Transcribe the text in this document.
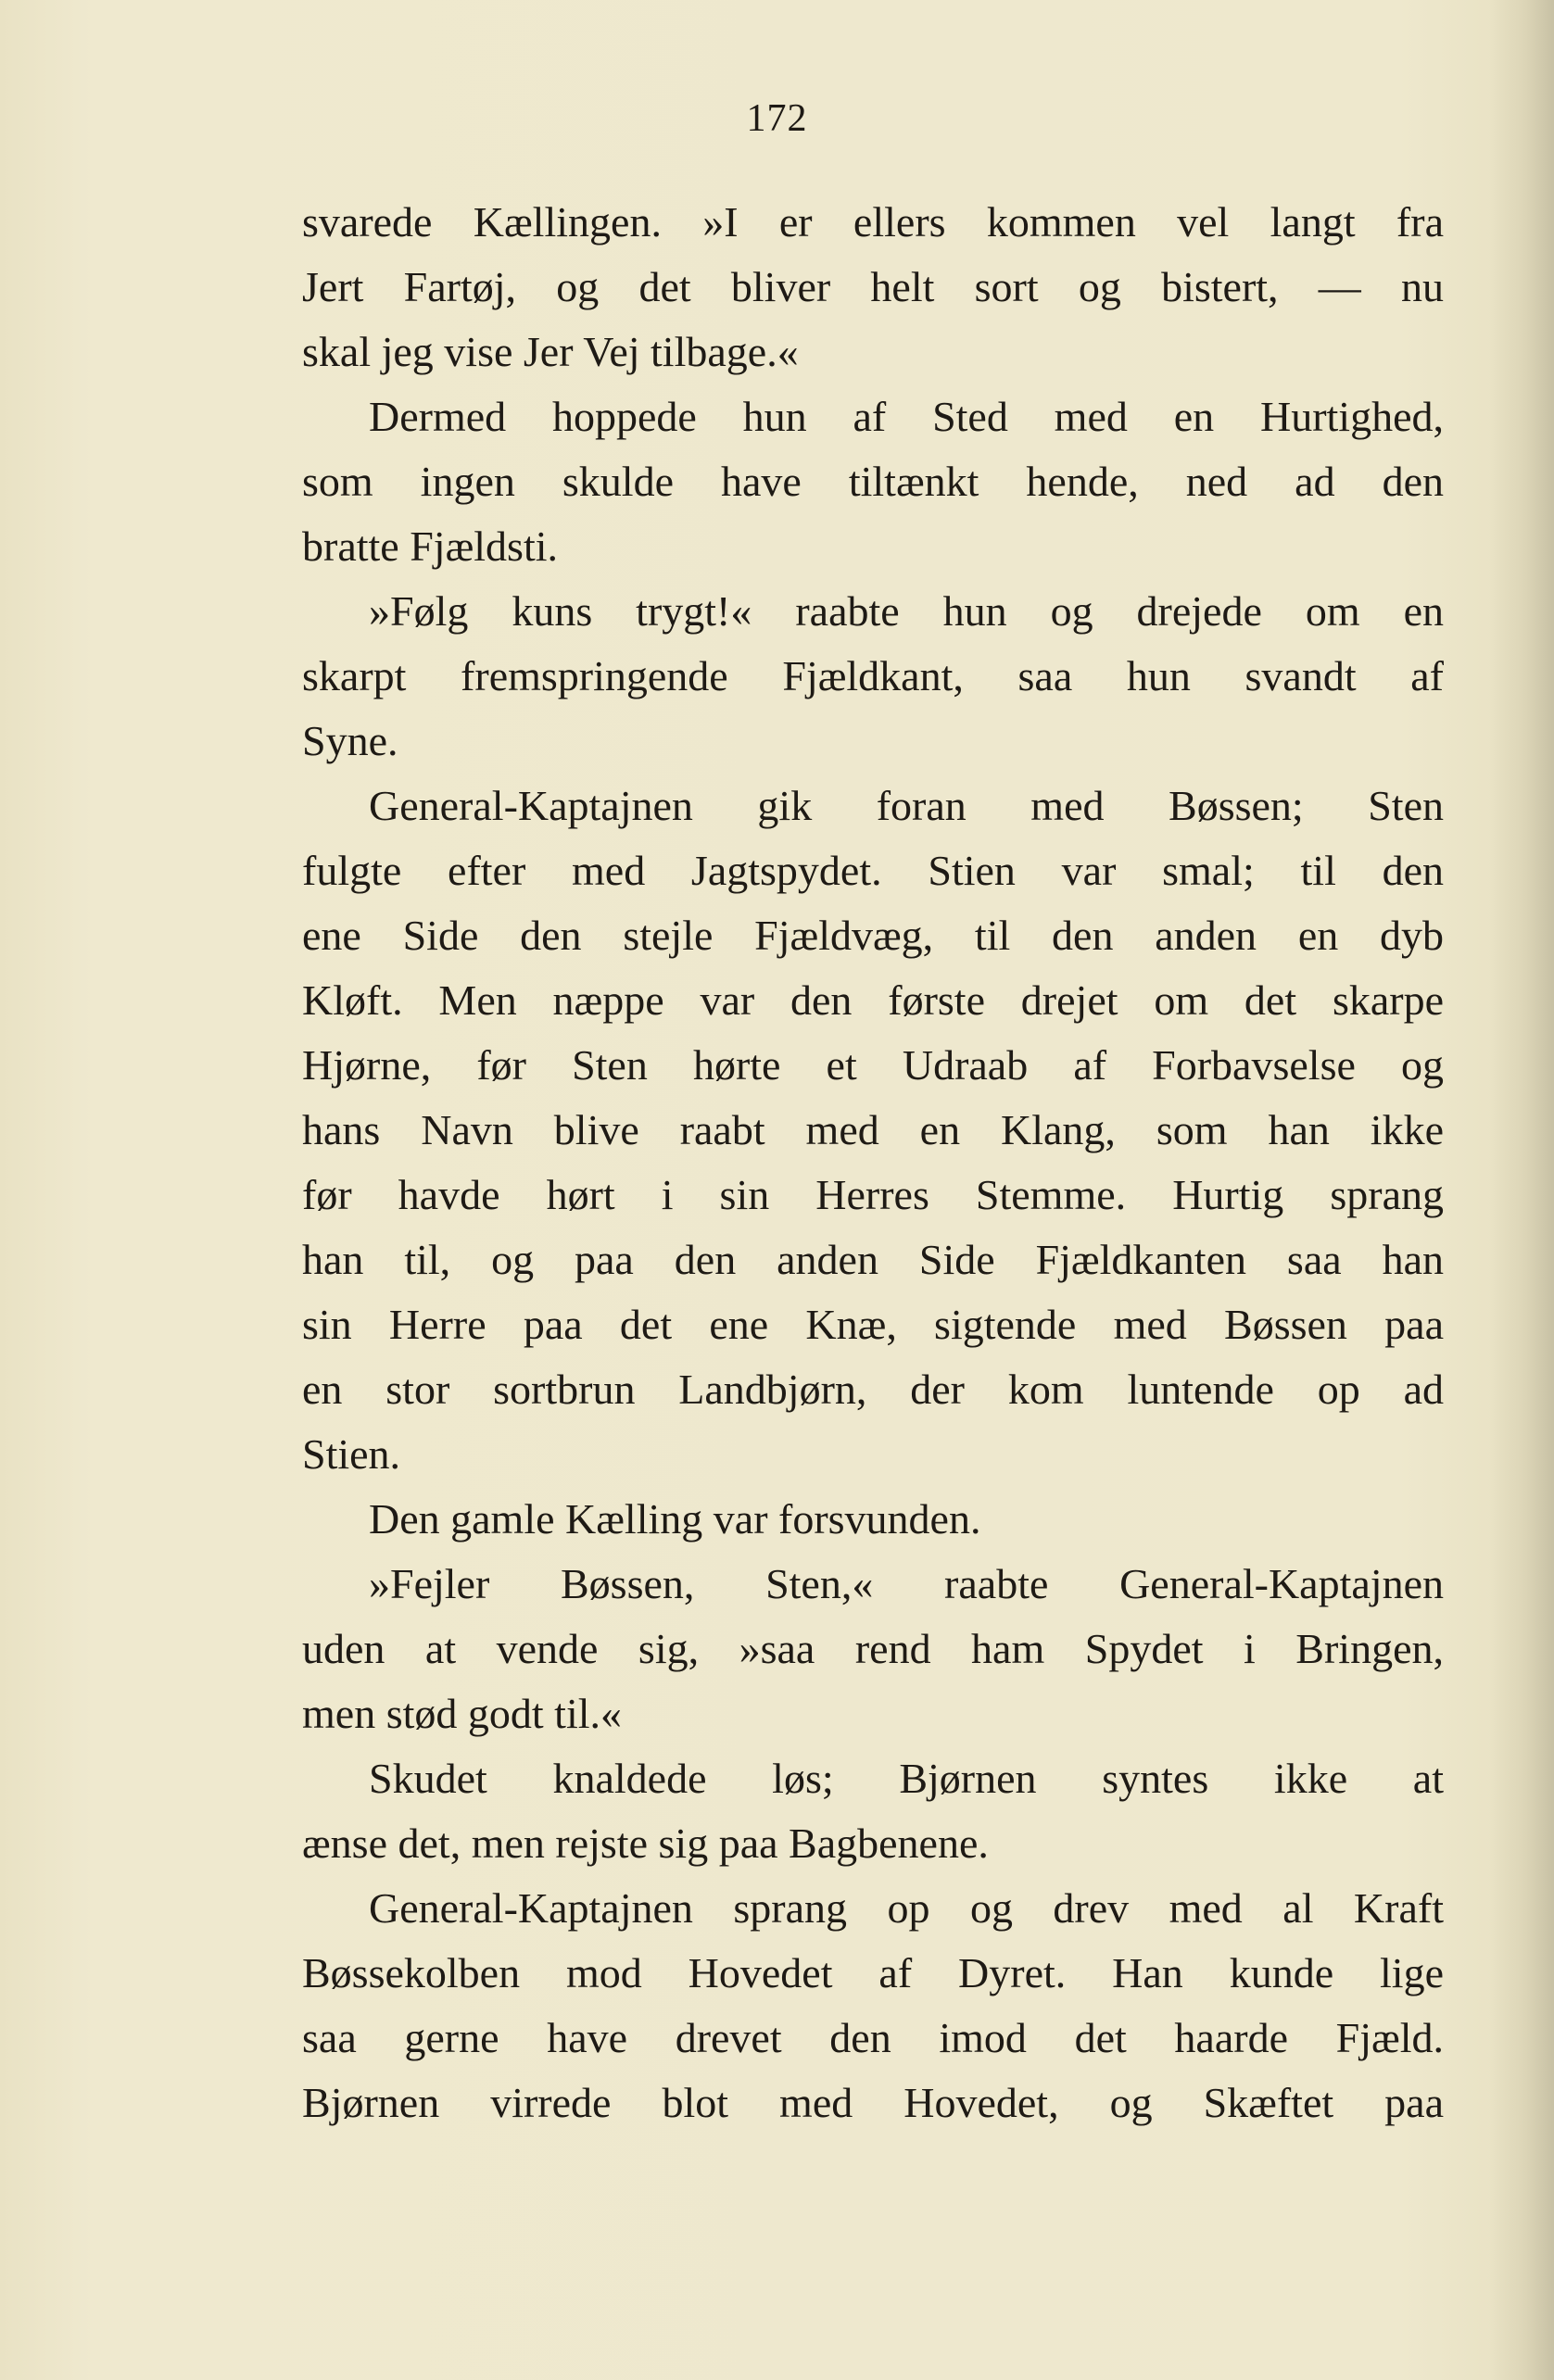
172
svarede Kællingen. »I er ellers kommen vel langt fra
Jert Fartøj, og det bliver helt sort og bistert, — nu
skal jeg vise Jer Vej tilbage.«
Dermed hoppede hun af Sted med en Hurtighed,
som ingen skulde have tiltænkt hende, ned ad den
bratte Fjældsti.
»Følg kuns trygt!« raabte hun og drejede om en
skarpt fremspringende Fjældkant, saa hun svandt af
Syne.
General-Kaptajnen gik foran med Bøssen; Sten
fulgte efter med Jagtspydet. Stien var smal; til den
ene Side den stejle Fjældvæg, til den anden en dyb
Kløft. Men næppe var den første drejet om det skarpe
Hjørne, før Sten hørte et Udraab af Forbavselse og
hans Navn blive raabt med en Klang, som han ikke
før havde hørt i sin Herres Stemme. Hurtig sprang
han til, og paa den anden Side Fjældkanten saa han
sin Herre paa det ene Knæ, sigtende med Bøssen paa
en stor sortbrun Landbjørn, der kom luntende op ad
Stien.
Den gamle Kælling var forsvunden.
»Fejler Bøssen, Sten,« raabte General-Kaptajnen
uden at vende sig, »saa rend ham Spydet i Bringen,
men stød godt til.«
Skudet knaldede løs; Bjørnen syntes ikke at
ænse det, men rejste sig paa Bagbenene.
General-Kaptajnen sprang op og drev med al Kraft
Bøssekolben mod Hovedet af Dyret. Han kunde lige
saa gerne have drevet den imod det haarde Fjæld.
Bjørnen virrede blot med Hovedet, og Skæftet paa
